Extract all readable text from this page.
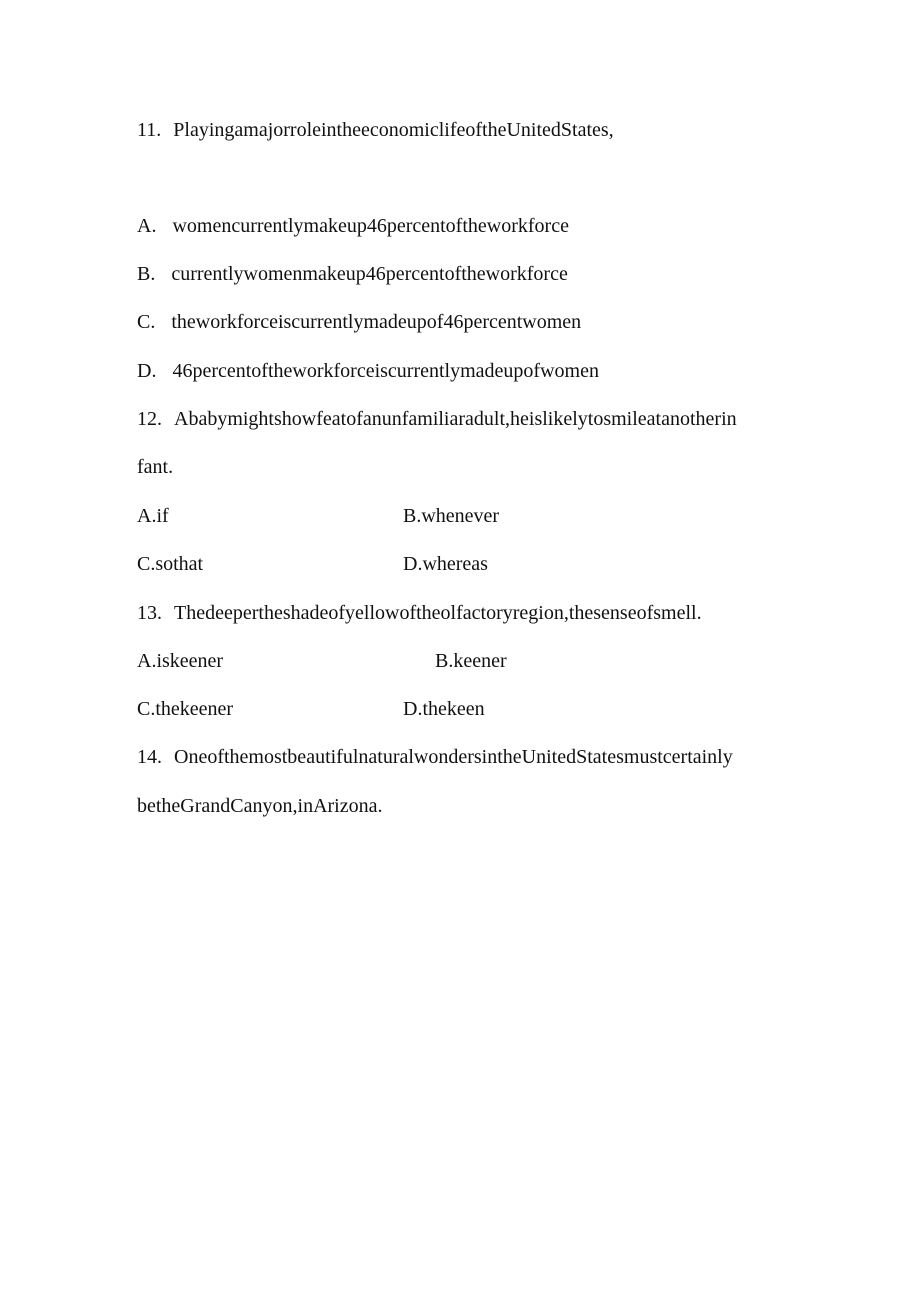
11. PlayingamajorroleintheeconomiclifeoftheUnitedStates,
A. womencurrentlymakeup46percentoftheworkforce
B. currentlywomenmakeup46percentoftheworkforce
C. theworkforceiscurrentlymadeupof46percentwomen
D. 46percentoftheworkforceiscurrentlymadeupofwomen
12. Ababymightshowfeatofanunfamiliaradult,heislikelytosmileatanotherin
fant.
A.if	B.whenever
C.sothat	D.whereas
13. Thedeepertheshadeofyellowoftheolfactoryregion,thesenseofsmell.
A.iskeener	B.keener
C.thekeener	D.thekeen
14. OneofthemostbeautifulnaturalwondersintheUnitedStatesmustcertainly
betheGrandCanyon,inArizona.
